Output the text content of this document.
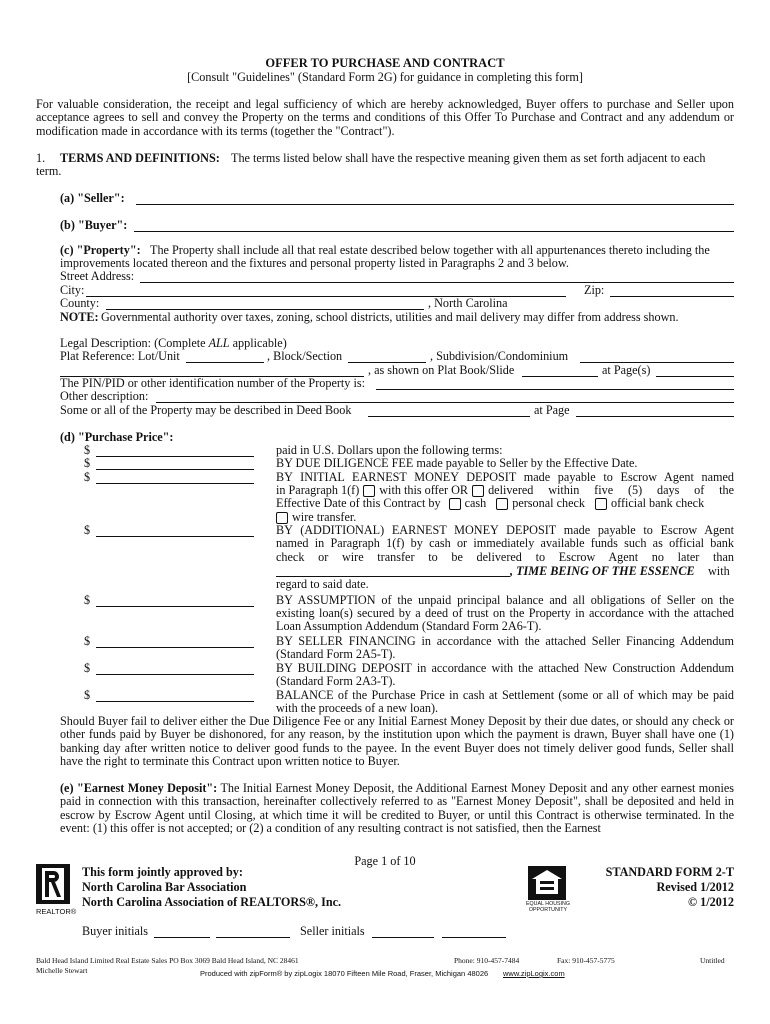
OFFER TO PURCHASE AND CONTRACT
[Consult "Guidelines" (Standard Form 2G) for guidance in completing this form]
For valuable consideration, the receipt and legal sufficiency of which are hereby acknowledged, Buyer offers to purchase and Seller upon acceptance agrees to sell and convey the Property on the terms and conditions of this Offer To Purchase and Contract and any addendum or modification made in accordance with its terms (together the "Contract").
1. TERMS AND DEFINITIONS: The terms listed below shall have the respective meaning given them as set forth adjacent to each
term.
(a) "Seller":
(b) "Buyer":
(c) "Property": The Property shall include all that real estate described below together with all appurtenances thereto including the
improvements located thereon and the fixtures and personal property listed in Paragraphs 2 and 3 below.
Street Address:
City:	Zip:
County:	, North Carolina
NOTE: Governmental authority over taxes, zoning, school districts, utilities and mail delivery may differ from address shown.
Legal Description: (Complete ALL applicable)
Plat Reference: Lot/Unit	, Block/Section	, Subdivision/Condominium
, as shown on Plat Book/Slide	at Page(s)
The PIN/PID or other identification number of the Property is:
Other description:
Some or all of the Property may be described in Deed Book	at Page
(d) "Purchase Price":
$	paid in U.S. Dollars upon the following terms:
$	BY DUE DILIGENCE FEE made payable to Seller by the Effective Date.
$	BY INITIAL EARNEST MONEY DEPOSIT made payable to Escrow Agent named
in Paragraph 1(f) with this offer OR delivered within five (5) days of the
Effective Date of this Contract by cash personal check official bank check
wire transfer.
$	BY (ADDITIONAL) EARNEST MONEY DEPOSIT made payable to Escrow Agent
named in Paragraph 1(f) by cash or immediately available funds such as official bank
check or wire transfer to be delivered to Escrow Agent no later than
, TIME BEING OF THE ESSENCE with
regard to said date.
$	BY ASSUMPTION of the unpaid principal balance and all obligations of Seller on the
existing loan(s) secured by a deed of trust on the Property in accordance with the attached
Loan Assumption Addendum (Standard Form 2A6-T).
$	BY SELLER FINANCING in accordance with the attached Seller Financing Addendum
(Standard Form 2A5-T).
$	BY BUILDING DEPOSIT in accordance with the attached New Construction Addendum
(Standard Form 2A3-T).
$	BALANCE of the Purchase Price in cash at Settlement (some or all of which may be paid
with the proceeds of a new loan).
Should Buyer fail to deliver either the Due Diligence Fee or any Initial Earnest Money Deposit by their due dates, or should any check or other funds paid by Buyer be dishonored, for any reason, by the institution upon which the payment is drawn, Buyer shall have one (1) banking day after written notice to deliver good funds to the payee. In the event Buyer does not timely deliver good funds, Seller shall have the right to terminate this Contract upon written notice to Buyer.
(e) "Earnest Money Deposit": The Initial Earnest Money Deposit, the Additional Earnest Money Deposit and any other earnest monies paid in connection with this transaction, hereinafter collectively referred to as "Earnest Money Deposit", shall be deposited and held in escrow by Escrow Agent until Closing, at which time it will be credited to Buyer, or until this Contract is otherwise terminated. In the event: (1) this offer is not accepted; or (2) a condition of any resulting contract is not satisfied, then the Earnest
Page 1 of 10
REALTOR®
This form jointly approved by:
North Carolina Bar Association
North Carolina Association of REALTORS®, Inc.	EQUAL HOUSING OPPORTUNITY
STANDARD FORM 2-T
Revised 1/2012
© 1/2012
Buyer initials	Seller initials
Bald Head Island Limited Real Estate Sales PO Box 3069 Bald Head Island, NC 28461	Phone: 910-457-7484	Fax: 910-457-5775	Untitled
Michelle Stewart	Produced with zipForm® by zipLogix 18070 Fifteen Mile Road, Fraser, Michigan 48026 www.zipLogix.com
